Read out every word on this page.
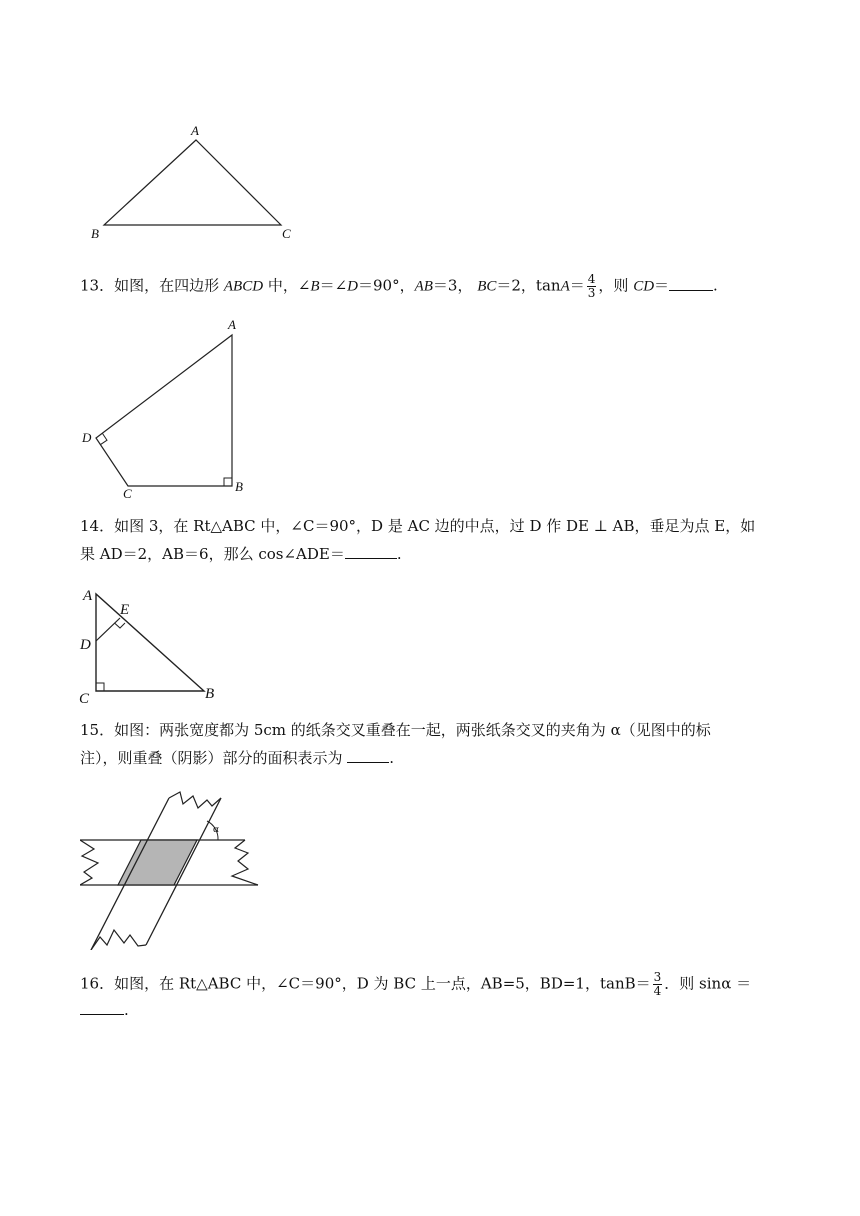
A
B	C
13．如图，在四边形 ABCD 中，∠B＝∠D＝90°，AB＝3， BC＝2，$\tan A= \frac{4}{3}$ ，则 CD＝	.
A
B
C
D
14．如图 3，在 Rt△ABC 中，∠C＝90°，D 是 AC 边的中点，过 D 作 DE ⊥ AB，垂足为点 E，如
果 AD＝2，AB＝6，那么 cos∠ADE＝	.
A
E
D
C	B
15．如图：两张宽度都为 5cm 的纸条交叉重叠在一起，两张纸条交叉的夹角为 α（见图中的标
注），则重叠（阴影）部分的面积表示为	.
α
16．如图，在 Rt△ABC 中，∠C＝90°，D 为 BC 上一点，AB=5，BD=1，$\tan B= \frac{3}{4}$ ．则 sinα ＝.
